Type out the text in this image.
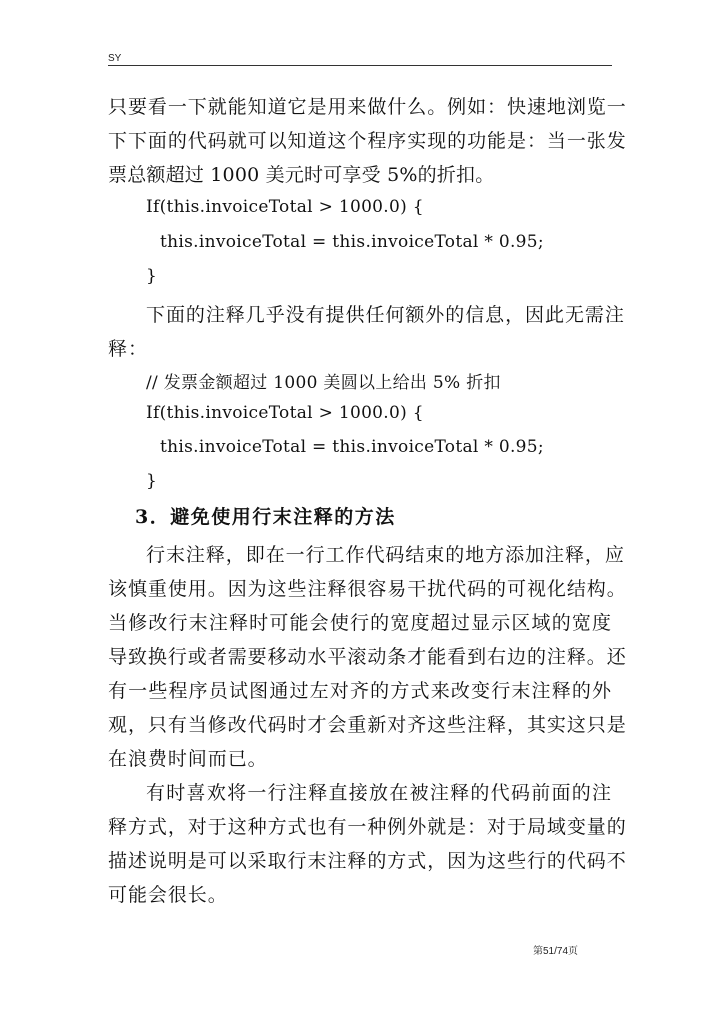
SY
只要看一下就能知道它是用来做什么。例如：快速地浏览一
下下面的代码就可以知道这个程序实现的功能是：当一张发
票总额超过 1000 美元时可享受 5%的折扣。
If(this.invoiceTotal > 1000.0) {
this.invoiceTotal = this.invoiceTotal * 0.95;
}
下面的注释几乎没有提供任何额外的信息，因此无需注
释：
// 发票金额超过 1000 美圆以上给出 5% 折扣
If(this.invoiceTotal > 1000.0) {
this.invoiceTotal = this.invoiceTotal * 0.95;
}
3．避免使用行末注释的方法
行末注释，即在一行工作代码结束的地方添加注释，应
该慎重使用。因为这些注释很容易干扰代码的可视化结构。
当修改行末注释时可能会使行的宽度超过显示区域的宽度
导致换行或者需要移动水平滚动条才能看到右边的注释。还
有一些程序员试图通过左对齐的方式来改变行末注释的外
观，只有当修改代码时才会重新对齐这些注释，其实这只是
在浪费时间而已。
有时喜欢将一行注释直接放在被注释的代码前面的注
释方式，对于这种方式也有一种例外就是：对于局域变量的
描述说明是可以采取行末注释的方式，因为这些行的代码不
可能会很长。
第51/74页
